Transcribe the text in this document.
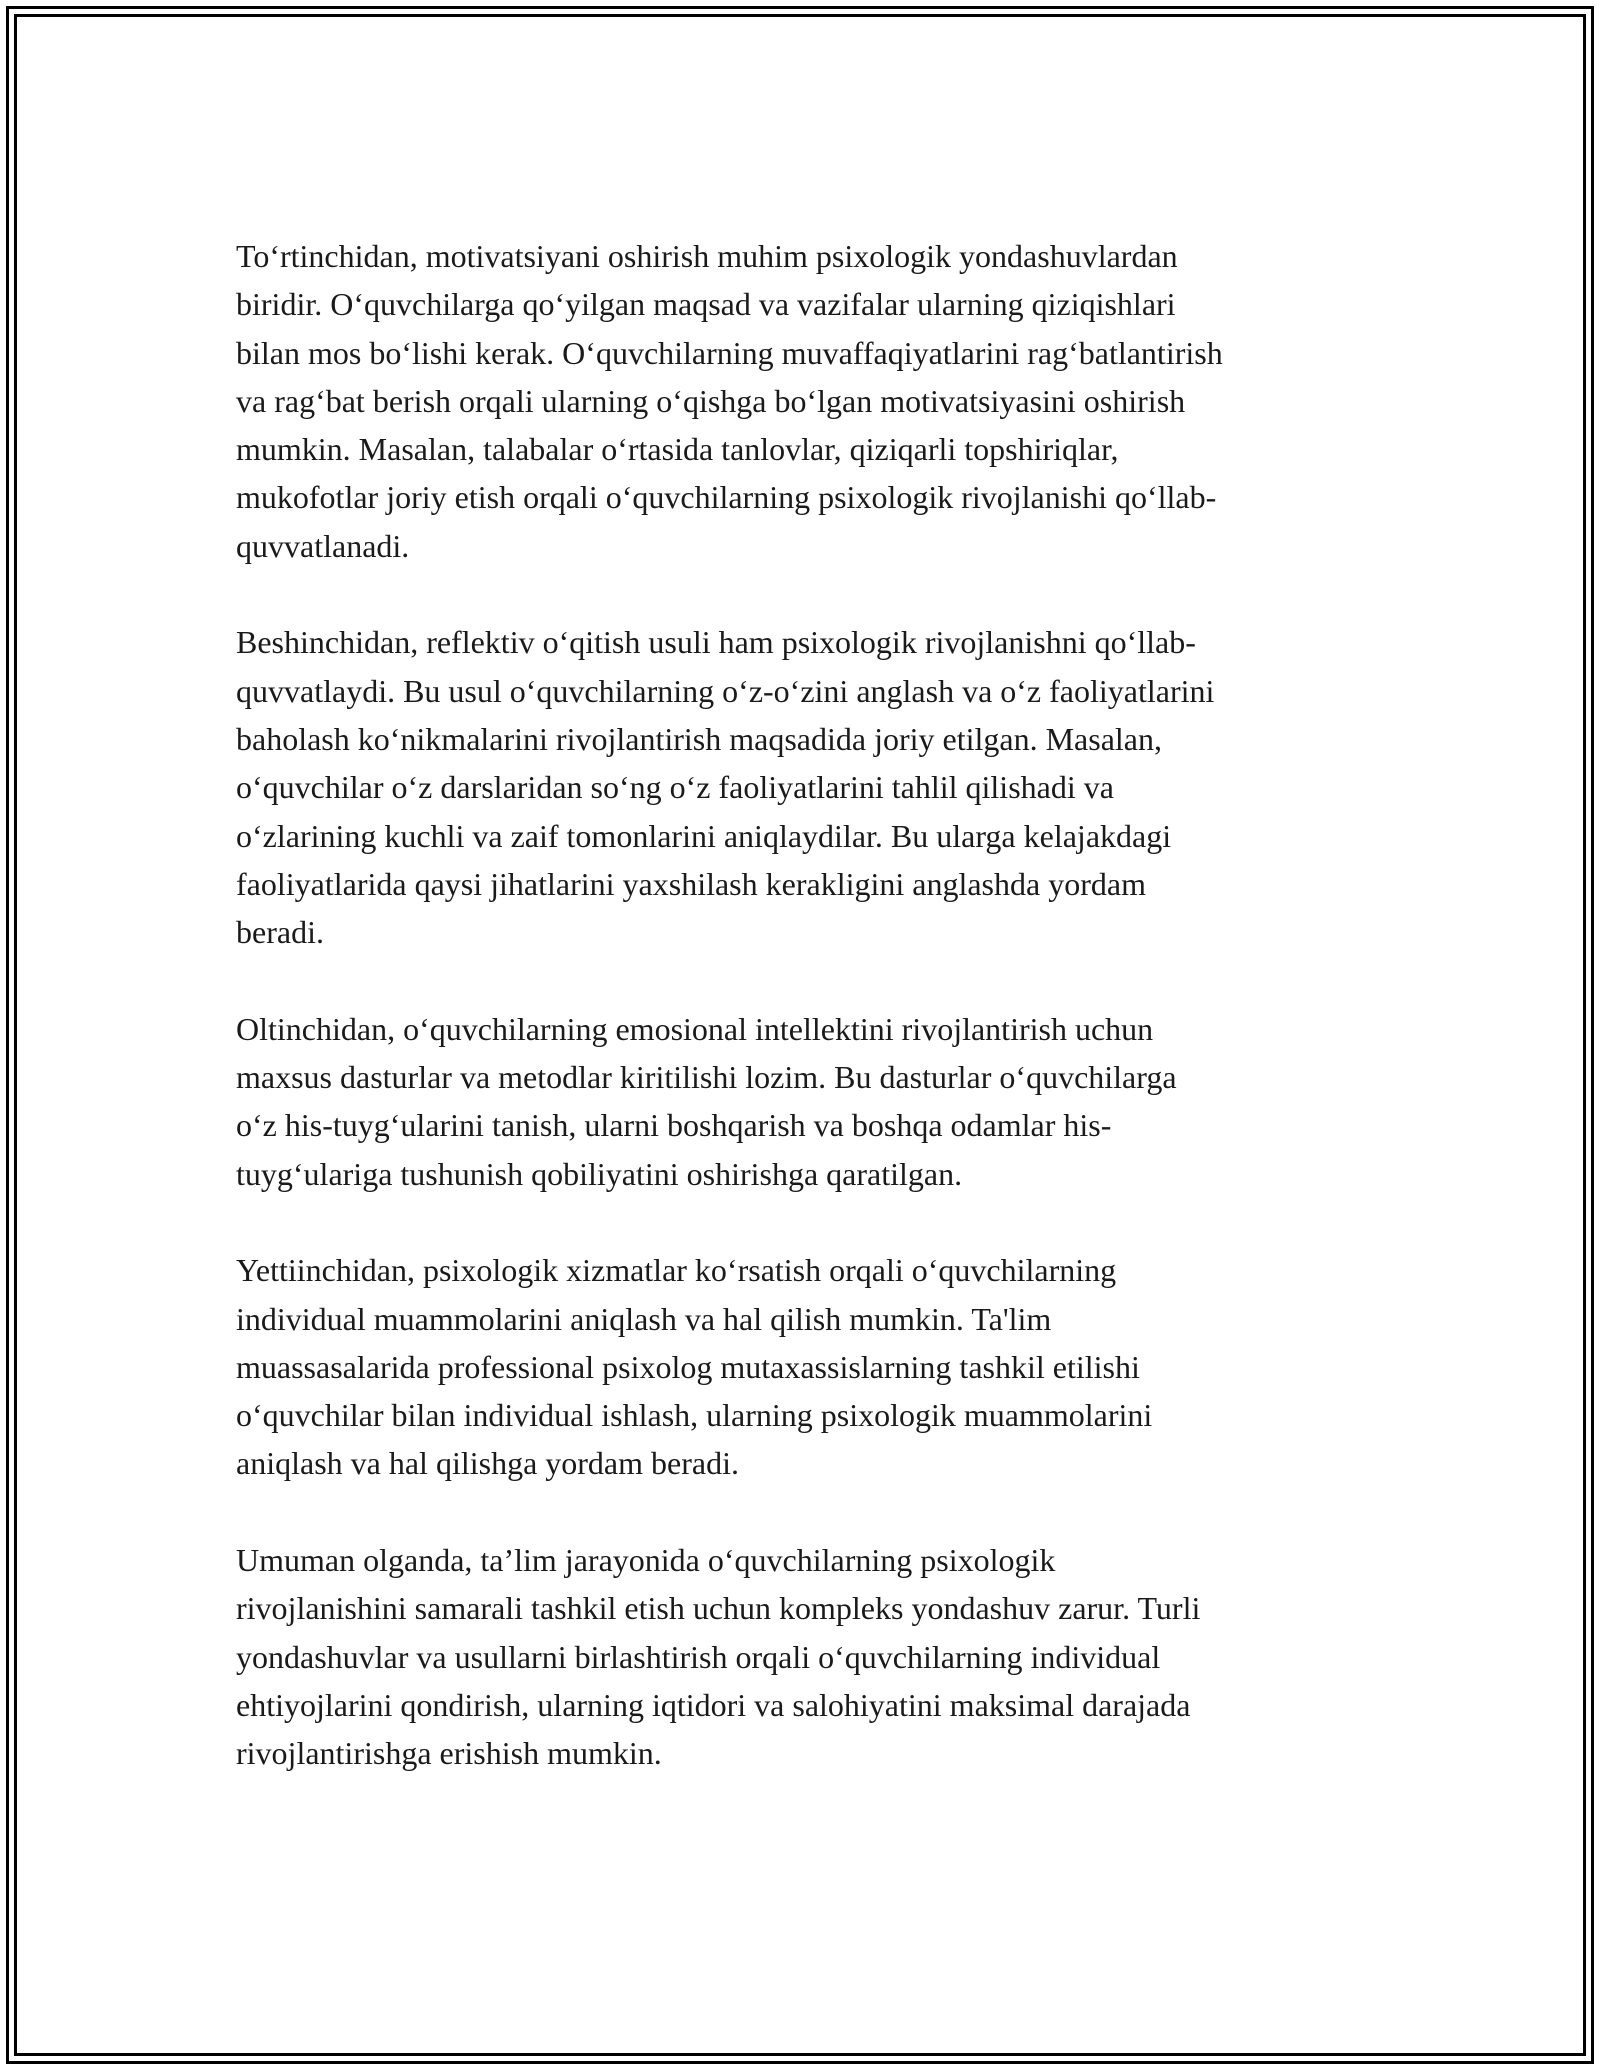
To‘rtinchidan, motivatsiyani oshirish muhim psixologik yondashuvlardan
biridir. O‘quvchilarga qo‘yilgan maqsad va vazifalar ularning qiziqishlari
bilan mos bo‘lishi kerak. O‘quvchilarning muvaffaqiyatlarini rag‘batlantirish
va rag‘bat berish orqali ularning o‘qishga bo‘lgan motivatsiyasini oshirish
mumkin. Masalan, talabalar o‘rtasida tanlovlar, qiziqarli topshiriqlar,
mukofotlar joriy etish orqali o‘quvchilarning psixologik rivojlanishi qo‘llab-
quvvatlanadi.

Beshinchidan, reflektiv o‘qitish usuli ham psixologik rivojlanishni qo‘llab-
quvvatlaydi. Bu usul o‘quvchilarning o‘z-o‘zini anglash va o‘z faoliyatlarini
baholash ko‘nikmalarini rivojlantirish maqsadida joriy etilgan. Masalan,
o‘quvchilar o‘z darslaridan so‘ng o‘z faoliyatlarini tahlil qilishadi va
o‘zlarining kuchli va zaif tomonlarini aniqlaydilar. Bu ularga kelajakdagi
faoliyatlarida qaysi jihatlarini yaxshilash kerakligini anglashda yordam
beradi.

Oltinchidan, o‘quvchilarning emosional intellektini rivojlantirish uchun
maxsus dasturlar va metodlar kiritilishi lozim. Bu dasturlar o‘quvchilarga
o‘z his-tuyg‘ularini tanish, ularni boshqarish va boshqa odamlar his-
tuyg‘ulariga tushunish qobiliyatini oshirishga qaratilgan.

Yettiinchidan, psixologik xizmatlar ko‘rsatish orqali o‘quvchilarning
individual muammolarini aniqlash va hal qilish mumkin. Ta'lim
muassasalarida professional psixolog mutaxassislarning tashkil etilishi
o‘quvchilar bilan individual ishlash, ularning psixologik muammolarini
aniqlash va hal qilishga yordam beradi.

Umuman olganda, ta’lim jarayonida o‘quvchilarning psixologik
rivojlanishini samarali tashkil etish uchun kompleks yondashuv zarur. Turli
yondashuvlar va usullarni birlashtirish orqali o‘quvchilarning individual
ehtiyojlarini qondirish, ularning iqtidori va salohiyatini maksimal darajada
rivojlantirishga erishish mumkin.
